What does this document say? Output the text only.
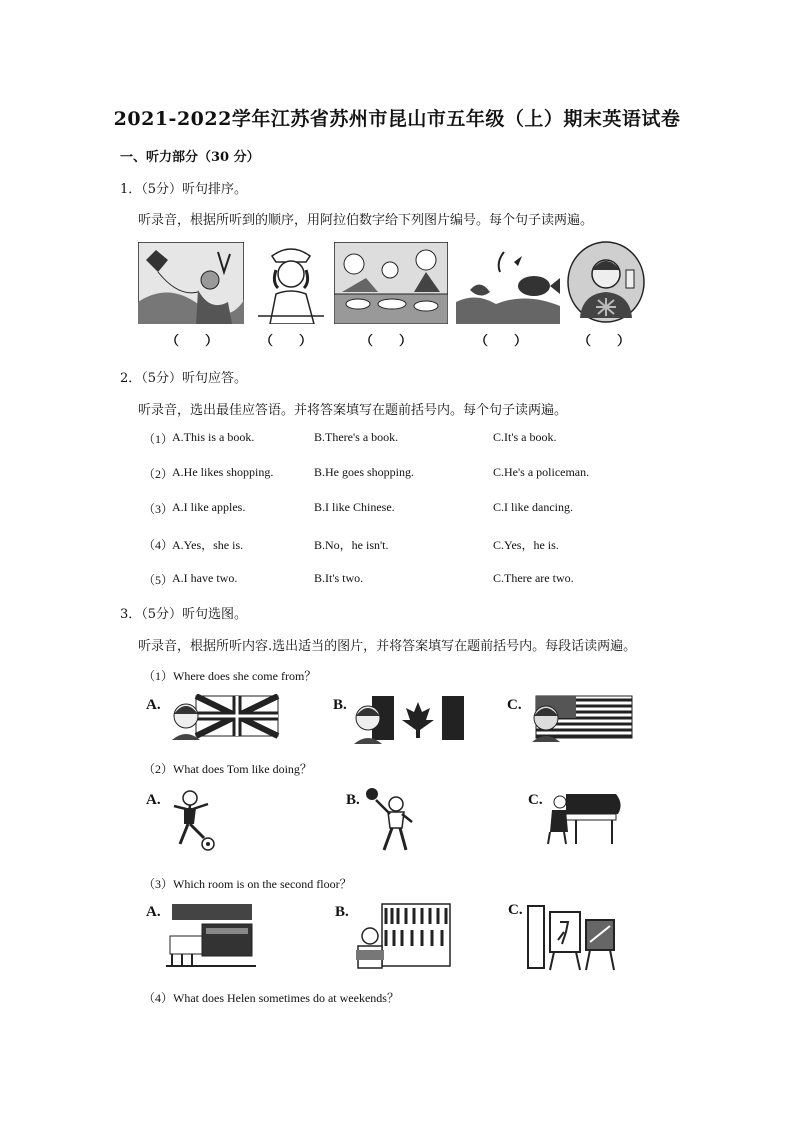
2021-2022学年江苏省苏州市昆山市五年级（上）期末英语试卷
一、听力部分（30 分）
1．（5分）听句排序。
听录音，根据所听到的顺序，用阿拉伯数字给下列图片编号。每个句子读两遍。
（　　）	（　　）	（　　）	（　　）	（　　）
2．（5分）听句应答。
听录音，选出最佳应答语。并将答案填写在题前括号内。每个句子读两遍。
（1）
A.This is a book.	B.There's a book.	C.It's a book.
（2）
A.He likes shopping.	B.He goes shopping.	C.He's a policeman.
（3）
A.I like apples.	B.I like Chinese.	C.I like dancing.
（4）
A.Yes，she is.	B.No，he isn't.	C.Yes，he is.
（5）
A.I have two.	B.It's two.	C.There are two.
3．（5分）听句选图。
听录音，根据所听内容.选出适当的图片，并将答案填写在题前括号内。每段话读两遍。
（1）Where does she come from？
A.	B.	C.
（2）What does Tom like doing？
A.	B.	C.
（3）Which room is on the second floor？
A.	B.	C.
（4）What does Helen sometimes do at weekends？
